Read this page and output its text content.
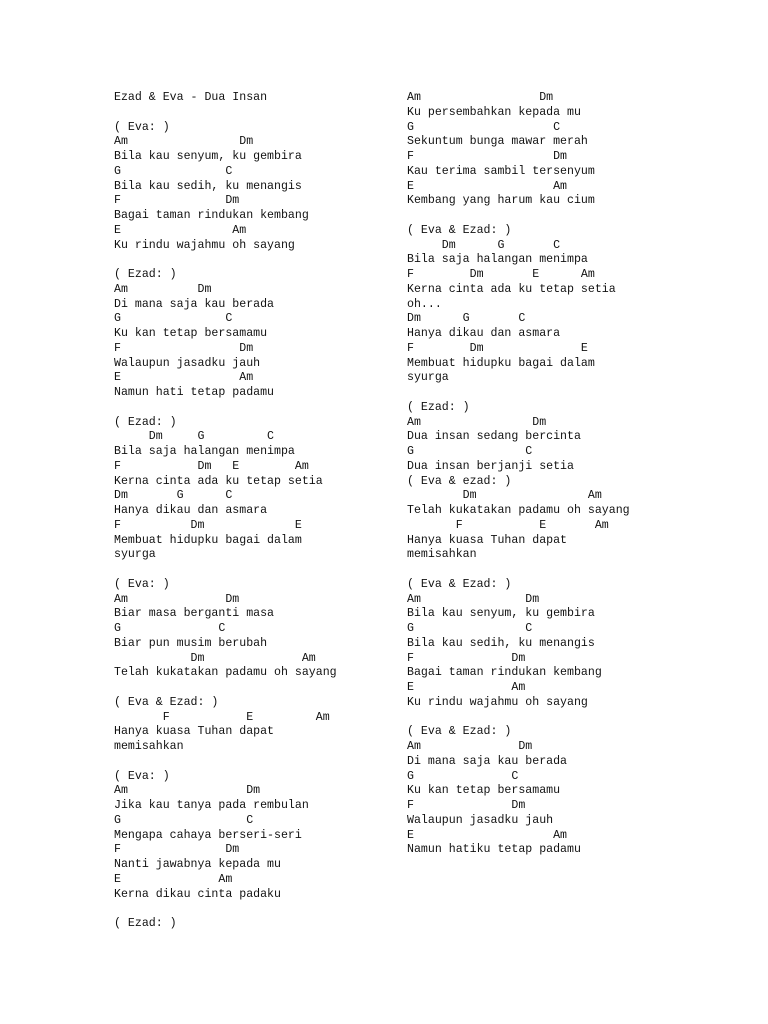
Ezad & Eva - Dua Insan
( Eva: )
Am                Dm
Bila kau senyum, ku gembira
G               C
Bila kau sedih, ku menangis
F               Dm
Bagai taman rindukan kembang
E                Am
Ku rindu wajahmu oh sayang
( Ezad: )
Am          Dm
Di mana saja kau berada
G               C
Ku kan tetap bersamamu
F                 Dm
Walaupun jasadku jauh
E                 Am
Namun hati tetap padamu
( Ezad: )
Dm     G         C
Bila saja halangan menimpa
F           Dm   E        Am
Kerna cinta ada ku tetap setia
Dm       G      C
Hanya dikau dan asmara
F          Dm             E
Membuat hidupku bagai dalam
syurga
( Eva: )
Am              Dm
Biar masa berganti masa
G              C
Biar pun musim berubah
Dm              Am
Telah kukatakan padamu oh sayang
( Eva & Ezad: )
F           E         Am
Hanya kuasa Tuhan dapat
memisahkan
( Eva: )
Am                 Dm
Jika kau tanya pada rembulan
G                  C
Mengapa cahaya berseri-seri
F               Dm
Nanti jawabnya kepada mu
E              Am
Kerna dikau cinta padaku
( Ezad: )
Am                 Dm
Ku persembahkan kepada mu
G                    C
Sekuntum bunga mawar merah
F                    Dm
Kau terima sambil tersenyum
E                    Am
Kembang yang harum kau cium
( Eva & Ezad: )
Dm      G       C
Bila saja halangan menimpa
F        Dm       E      Am
Kerna cinta ada ku tetap setia
oh...
Dm      G       C
Hanya dikau dan asmara
F        Dm              E
Membuat hidupku bagai dalam
syurga
( Ezad: )
Am                Dm
Dua insan sedang bercinta
G                C
Dua insan berjanji setia
( Eva & ezad: )
Dm                Am
Telah kukatakan padamu oh sayang
F           E       Am
Hanya kuasa Tuhan dapat
memisahkan
( Eva & Ezad: )
Am               Dm
Bila kau senyum, ku gembira
G                C
Bila kau sedih, ku menangis
F              Dm
Bagai taman rindukan kembang
E              Am
Ku rindu wajahmu oh sayang
( Eva & Ezad: )
Am              Dm
Di mana saja kau berada
G              C
Ku kan tetap bersamamu
F              Dm
Walaupun jasadku jauh
E                    Am
Namun hatiku tetap padamu
